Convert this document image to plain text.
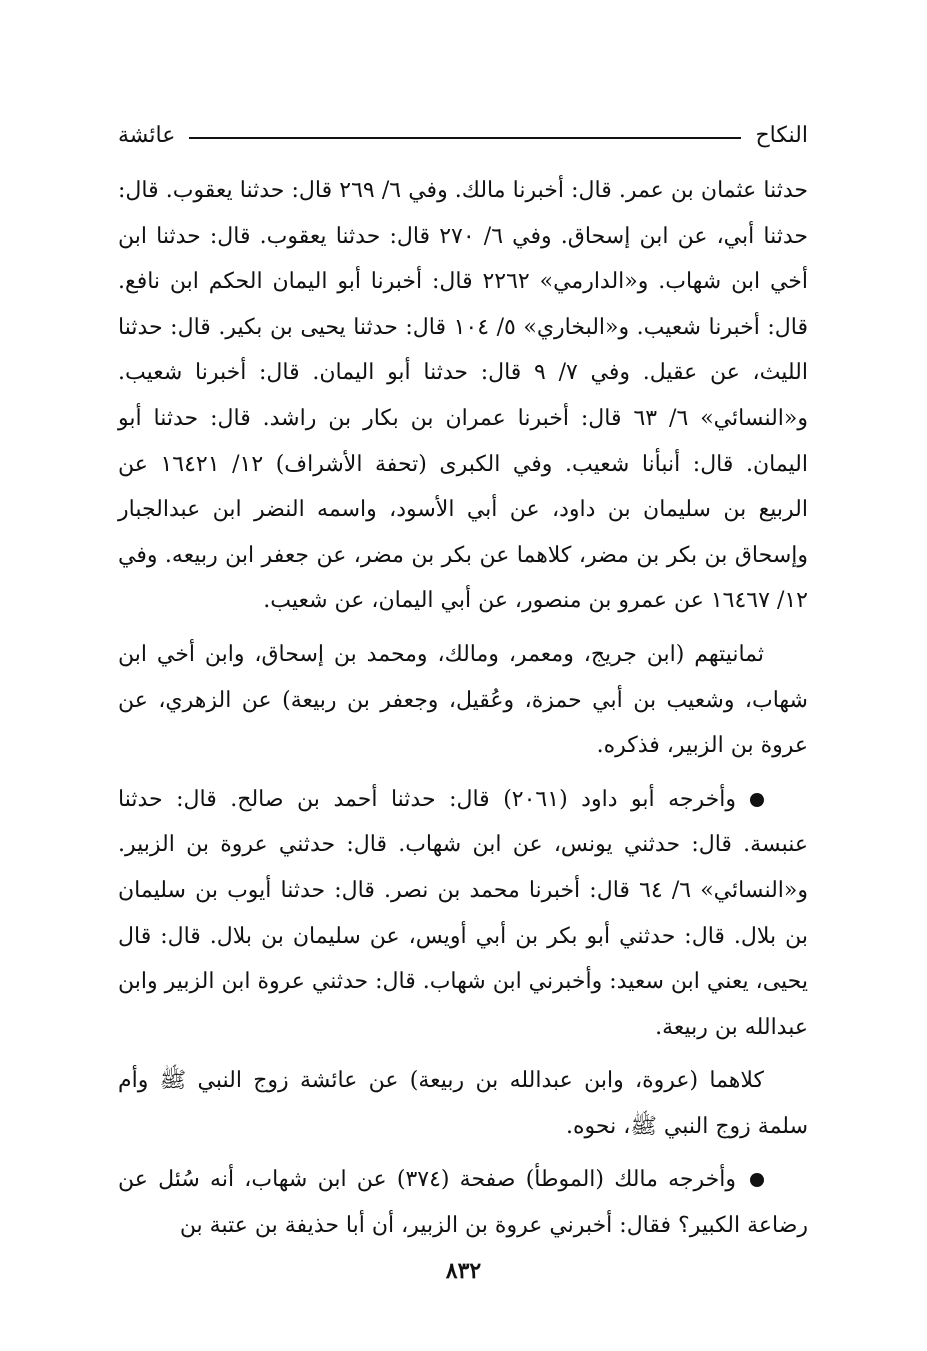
النكاح
عائشة

حدثنا عثمان بن عمر. قال: أخبرنا مالك. وفي ٦/ ٢٦٩ قال: حدثنا يعقوب. قال: حدثنا أبي، عن ابن إسحاق. وفي ٦/ ٢٧٠ قال: حدثنا يعقوب. قال: حدثنا ابن أخي ابن شهاب. و«الدارمي» ٢٢٦٢ قال: أخبرنا أبو اليمان الحكم ابن نافع. قال: أخبرنا شعيب. و«البخاري» ٥/ ١٠٤ قال: حدثنا يحيى بن بكير. قال: حدثنا الليث، عن عقيل. وفي ٧/ ٩ قال: حدثنا أبو اليمان. قال: أخبرنا شعيب. و«النسائي» ٦/ ٦٣ قال: أخبرنا عمران بن بكار بن راشد. قال: حدثنا أبو اليمان. قال: أنبأنا شعيب. وفي الكبرى (تحفة الأشراف) ١٢/ ١٦٤٢١ عن الربيع بن سليمان بن داود، عن أبي الأسود، واسمه النضر ابن عبدالجبار وإسحاق بن بكر بن مضر، كلاهما عن بكر بن مضر، عن جعفر ابن ربيعه. وفي ١٢/ ١٦٤٦٧ عن عمرو بن منصور، عن أبي اليمان، عن شعيب.

ثمانيتهم (ابن جريج، ومعمر، ومالك، ومحمد بن إسحاق، وابن أخي ابن شهاب، وشعيب بن أبي حمزة، وعُقيل، وجعفر بن ربيعة) عن الزهري، عن عروة بن الزبير، فذكره.

وأخرجه أبو داود (٢٠٦١) قال: حدثنا أحمد بن صالح. قال: حدثنا عنبسة. قال: حدثني يونس، عن ابن شهاب. قال: حدثني عروة بن الزبير. و«النسائي» ٦/ ٦٤ قال: أخبرنا محمد بن نصر. قال: حدثنا أيوب بن سليمان بن بلال. قال: حدثني أبو بكر بن أبي أويس، عن سليمان بن بلال. قال: قال يحيى، يعني ابن سعيد: وأخبرني ابن شهاب. قال: حدثني عروة ابن الزبير وابن عبدالله بن ربيعة.

كلاهما (عروة، وابن عبدالله بن ربيعة) عن عائشة زوج النبي ﷺ وأم سلمة زوج النبي ﷺ، نحوه.

وأخرجه مالك (الموطأ) صفحة (٣٧٤) عن ابن شهاب، أنه سُئل عن رضاعة الكبير؟ فقال: أخبرني عروة بن الزبير، أن أبا حذيفة بن عتبة بن

٨٣٢
